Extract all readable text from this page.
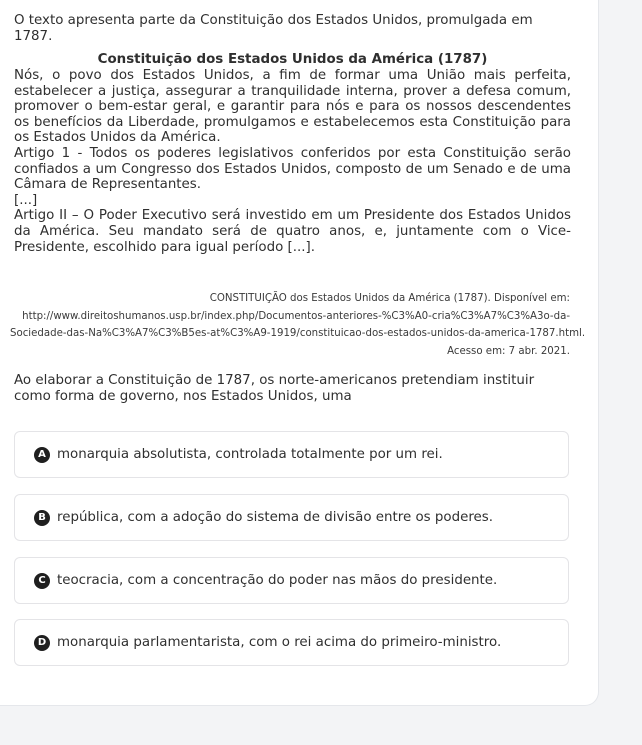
O texto apresenta parte da Constituição dos Estados Unidos, promulgada em 1787.

Constituição dos Estados Unidos da América (1787)

Nós, o povo dos Estados Unidos, a fim de formar uma União mais perfeita, estabelecer a justiça, assegurar a tranquilidade interna, prover a defesa comum, promover o bem-estar geral, e garantir para nós e para os nossos descendentes os benefícios da Liberdade, promulgamos e estabelecemos esta Constituição para os Estados Unidos da América.

Artigo 1 - Todos os poderes legislativos conferidos por esta Constituição serão confiados a um Congresso dos Estados Unidos, composto de um Senado e de uma Câmara de Representantes.

[...]

Artigo II – O Poder Executivo será investido em um Presidente dos Estados Unidos da América. Seu mandato será de quatro anos, e, juntamente com o Vice-Presidente, escolhido para igual período [...].

CONSTITUIÇÃO dos Estados Unidos da América (1787). Disponível em:
http://www.direitoshumanos.usp.br/index.php/Documentos-anteriores-%C3%A0-cria%C3%A7%C3%A3o-da-
Sociedade-das-Na%C3%A7%C3%B5es-at%C3%A9-1919/constituicao-dos-estados-unidos-da-america-1787.html.
Acesso em: 7 abr. 2021.

Ao elaborar a Constituição de 1787, os norte-americanos pretendiam instituir como forma de governo, nos Estados Unidos, uma

A monarquia absolutista, controlada totalmente por um rei.
B república, com a adoção do sistema de divisão entre os poderes.
C teocracia, com a concentração do poder nas mãos do presidente.
D monarquia parlamentarista, com o rei acima do primeiro-ministro.
